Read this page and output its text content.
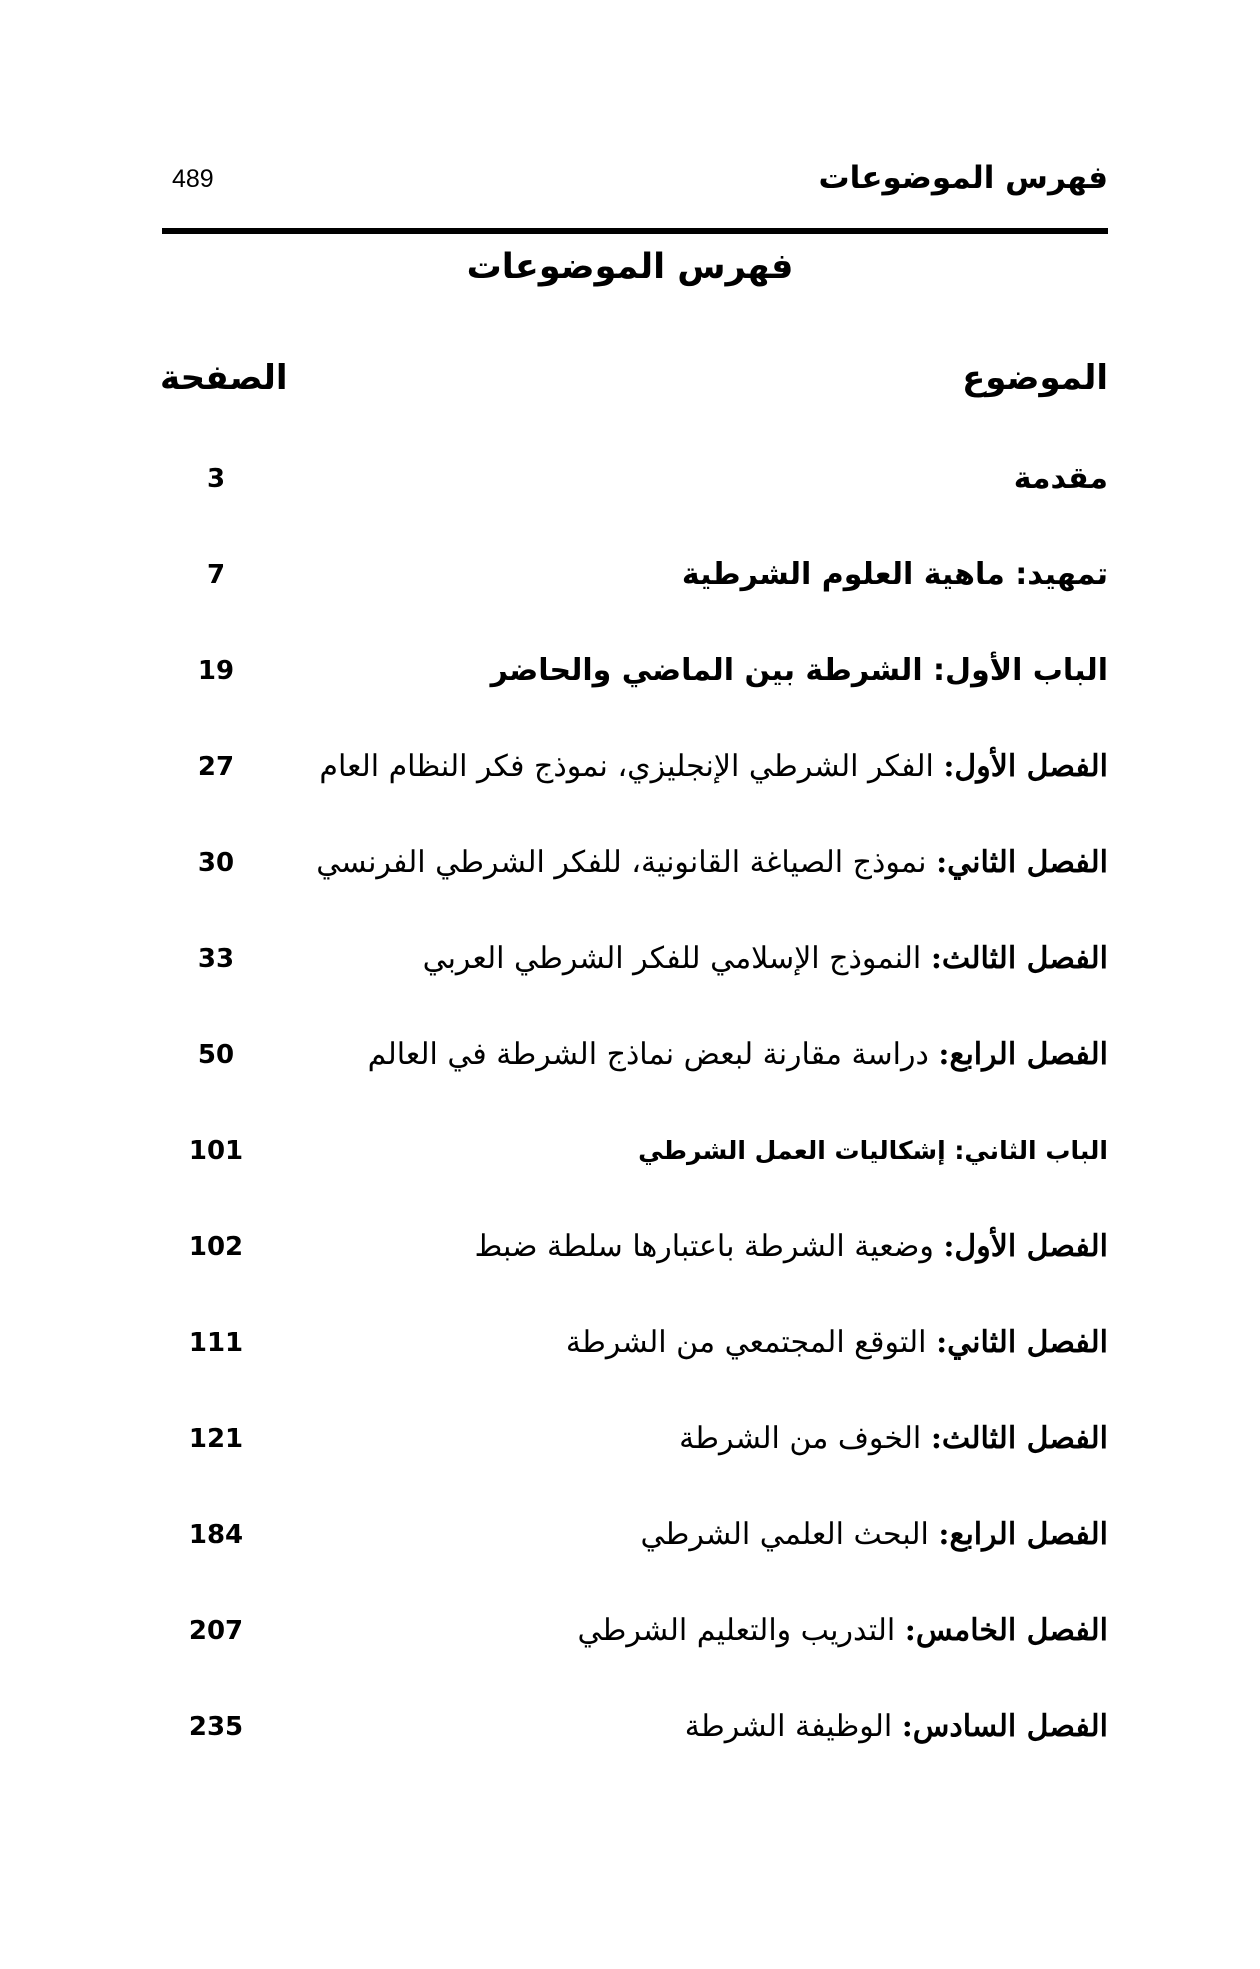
فهرس الموضوعات
489
فهرس الموضوعات
الموضوع
الصفحة
مقدمة
3
تمهيد: ماهية العلوم الشرطية
7
الباب الأول: الشرطة بين الماضي والحاضر
19
الفصل الأول: الفكر الشرطي الإنجليزي، نموذج فكر النظام العام
27
الفصل الثاني: نموذج الصياغة القانونية، للفكر الشرطي الفرنسي
30
الفصل الثالث: النموذج الإسلامي للفكر الشرطي العربي
33
الفصل الرابع: دراسة مقارنة لبعض نماذج الشرطة في العالم
50
الباب الثاني: إشكاليات العمل الشرطي
101
الفصل الأول: وضعية الشرطة باعتبارها سلطة ضبط
102
الفصل الثاني: التوقع المجتمعي من الشرطة
111
الفصل الثالث: الخوف من الشرطة
121
الفصل الرابع: البحث العلمي الشرطي
184
الفصل الخامس: التدريب والتعليم الشرطي
207
الفصل السادس: الوظيفة الشرطة
235
